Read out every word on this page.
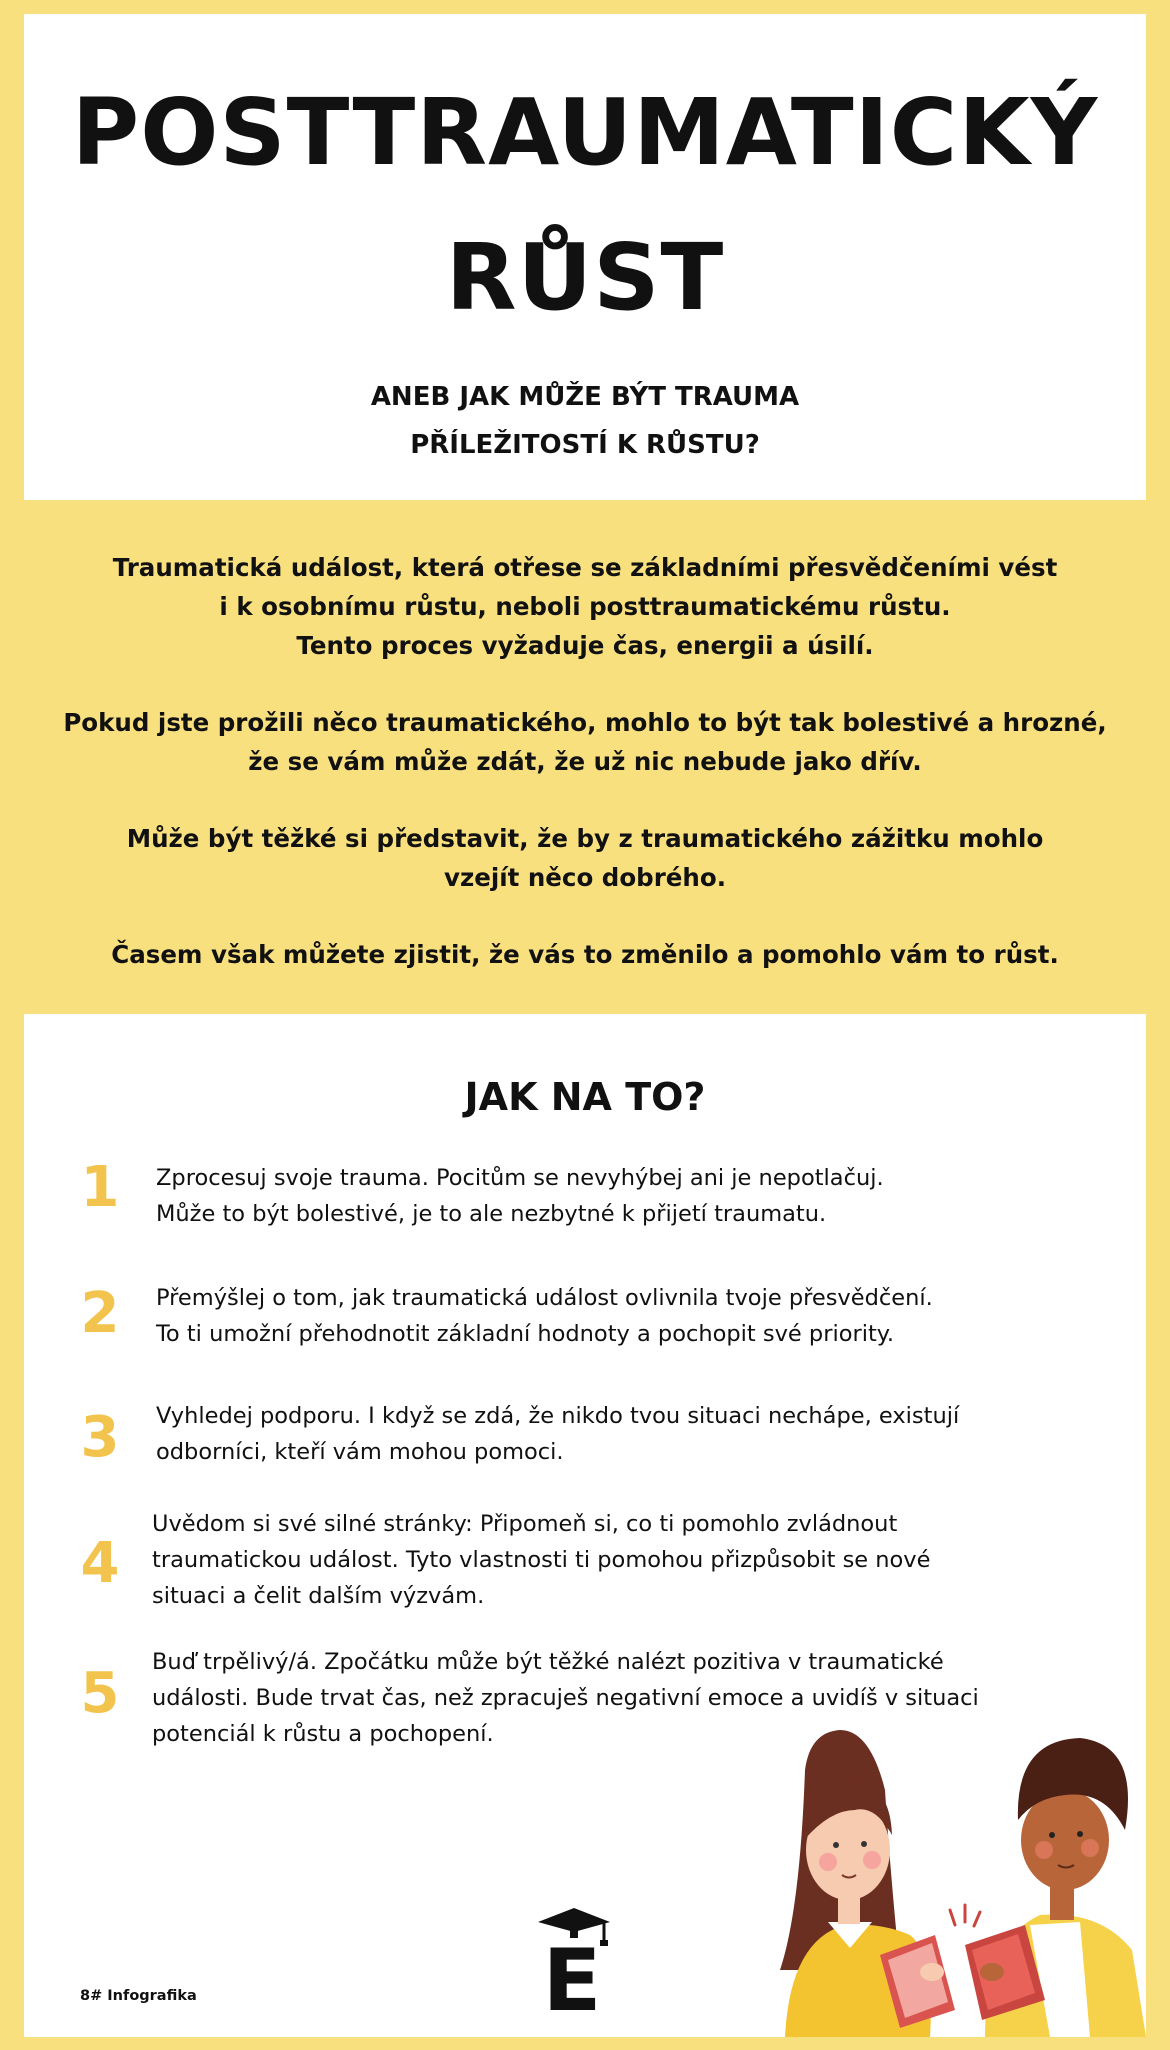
POSTTRAUMATICKÝ
RŮST
ANEB JAK MŮŽE BÝT TRAUMA
PŘÍLEŽITOSTÍ K RŮSTU?
Traumatická událost, která otřese se základními přesvědčeními vést
i k osobnímu růstu, neboli posttraumatickému růstu.
Tento proces vyžaduje čas, energii a úsilí.
Pokud jste prožili něco traumatického, mohlo to být tak bolestivé a hrozné,
že se vám může zdát, že už nic nebude jako dřív.
Může být těžké si představit, že by z traumatického zážitku mohlo
vzejít něco dobrého.
Časem však můžete zjistit, že vás to změnilo a pomohlo vám to růst.
JAK NA TO?
1	Zprocesuj svoje trauma. Pocitům se nevyhýbej ani je nepotlačuj.
Může to být bolestivé, je to ale nezbytné k přijetí traumatu.
2	Přemýšlej o tom, jak traumatická událost ovlivnila tvoje přesvědčení.
To ti umožní přehodnotit základní hodnoty a pochopit své priority.
3	Vyhledej podporu. I když se zdá, že nikdo tvou situaci nechápe, existují
odborníci, kteří vám mohou pomoci.
4
Uvědom si své silné stránky: Připomeň si, co ti pomohlo zvládnout
traumatickou událost. Tyto vlastnosti ti pomohou přizpůsobit se nové
situaci a čelit dalším výzvám.
5	Buď trpělivý/á. Zpočátku může být těžké nalézt pozitiva v traumatické
události. Bude trvat čas, než zpracuješ negativní emoce a uvidíš v situaci
potenciál k růstu a pochopení.
8# Infografika	E
